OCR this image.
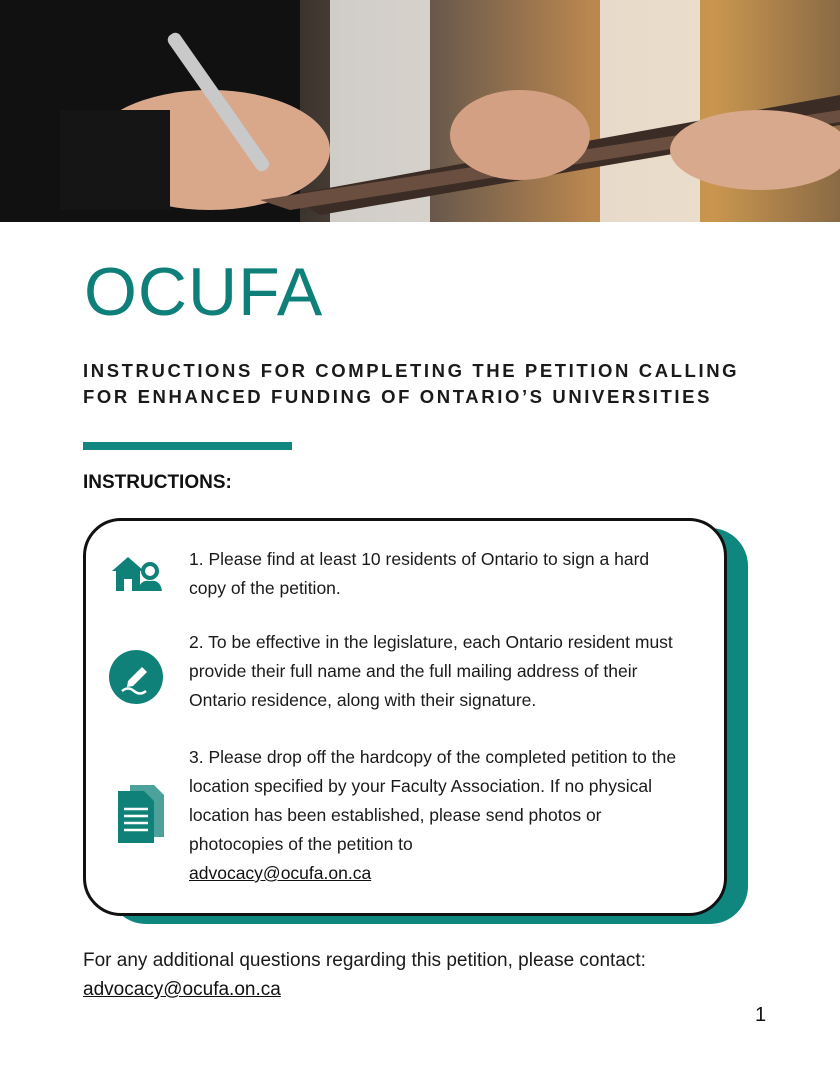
OCUFA
INSTRUCTIONS FOR COMPLETING THE PETITION CALLING FOR ENHANCED FUNDING OF ONTARIO’S UNIVERSITIES
INSTRUCTIONS:
1. Please find at least 10 residents of Ontario to sign a hard copy of the petition.
2. To be effective in the legislature, each Ontario resident must provide their full name and the full mailing address of their Ontario residence, along with their signature.
3. Please drop off the hardcopy of the completed petition to the location specified by your Faculty Association. If no physical location has been established, please send photos or photocopies of the petition to
advocacy@ocufa.on.ca
For any additional questions regarding this petition, please contact:
advocacy@ocufa.on.ca
1
